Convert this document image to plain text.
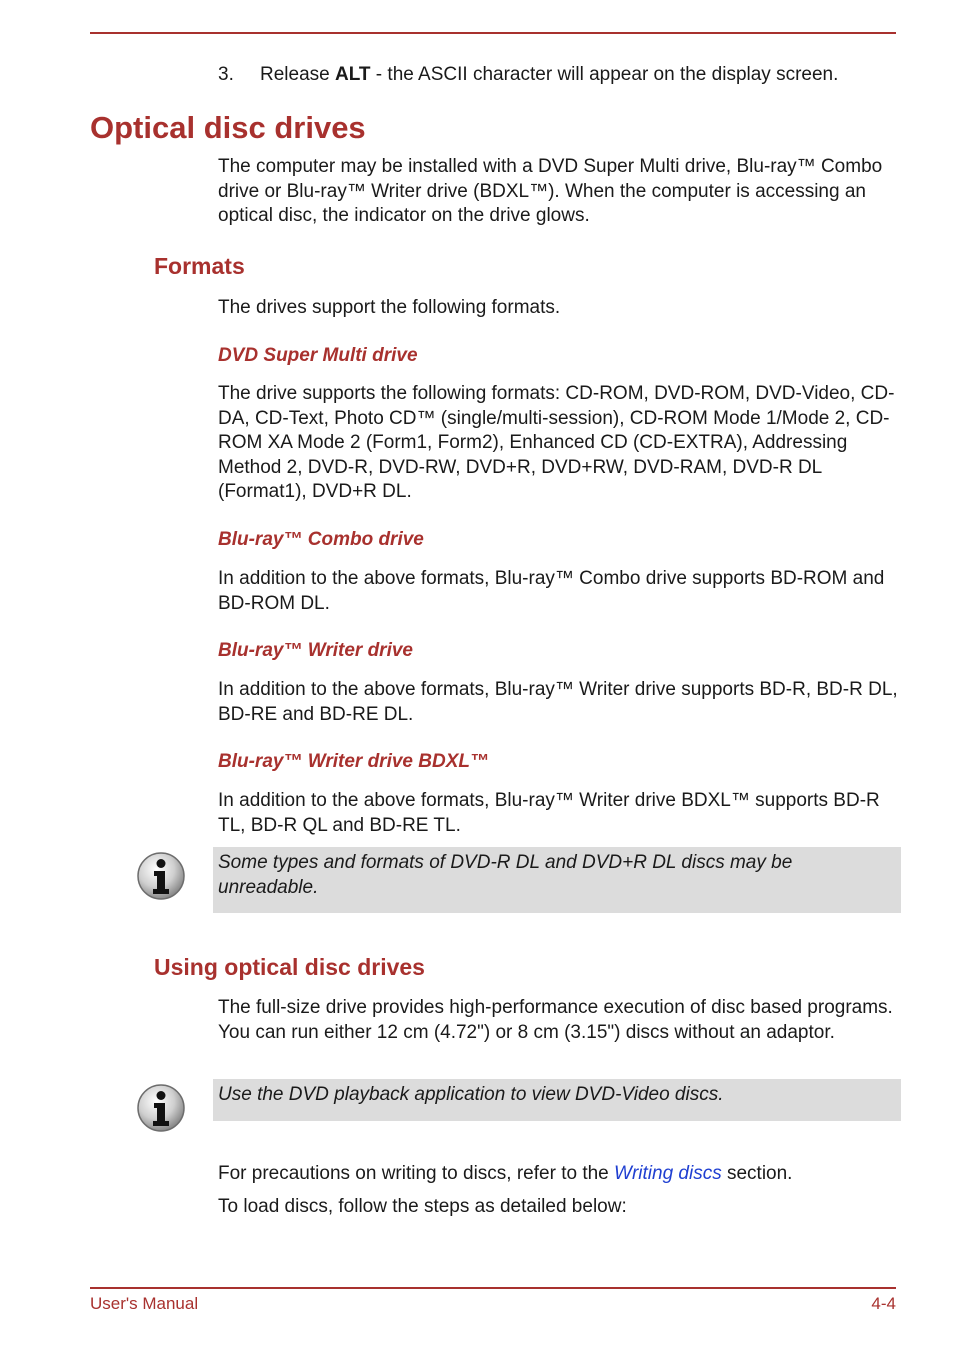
3. Release ALT - the ASCII character will appear on the display screen.
Optical disc drives

The computer may be installed with a DVD Super Multi drive, Blu-ray™ Combo drive or Blu-ray™ Writer drive (BDXL™). When the computer is accessing an optical disc, the indicator on the drive glows.

Formats

The drives support the following formats.

DVD Super Multi drive

The drive supports the following formats: CD-ROM, DVD-ROM, DVD-Video, CD-DA, CD-Text, Photo CD™ (single/multi-session), CD-ROM Mode 1/Mode 2, CD-ROM XA Mode 2 (Form1, Form2), Enhanced CD (CD-EXTRA), Addressing Method 2, DVD-R, DVD-RW, DVD+R, DVD+RW, DVD-RAM, DVD-R DL (Format1), DVD+R DL.

Blu-ray™ Combo drive

In addition to the above formats, Blu-ray™ Combo drive supports BD-ROM and BD-ROM DL.

Blu-ray™ Writer drive

In addition to the above formats, Blu-ray™ Writer drive supports BD-R, BD-R DL, BD-RE and BD-RE DL.

Blu-ray™ Writer drive BDXL™

In addition to the above formats, Blu-ray™ Writer drive BDXL™ supports BD-R TL, BD-R QL and BD-RE TL.

Some types and formats of DVD-R DL and DVD+R DL discs may be unreadable.

Using optical disc drives

The full-size drive provides high-performance execution of disc based programs. You can run either 12 cm (4.72") or 8 cm (3.15") discs without an adaptor.

Use the DVD playback application to view DVD-Video discs.

For precautions on writing to discs, refer to the Writing discs section.

To load discs, follow the steps as detailed below:

User's Manual	4-4
